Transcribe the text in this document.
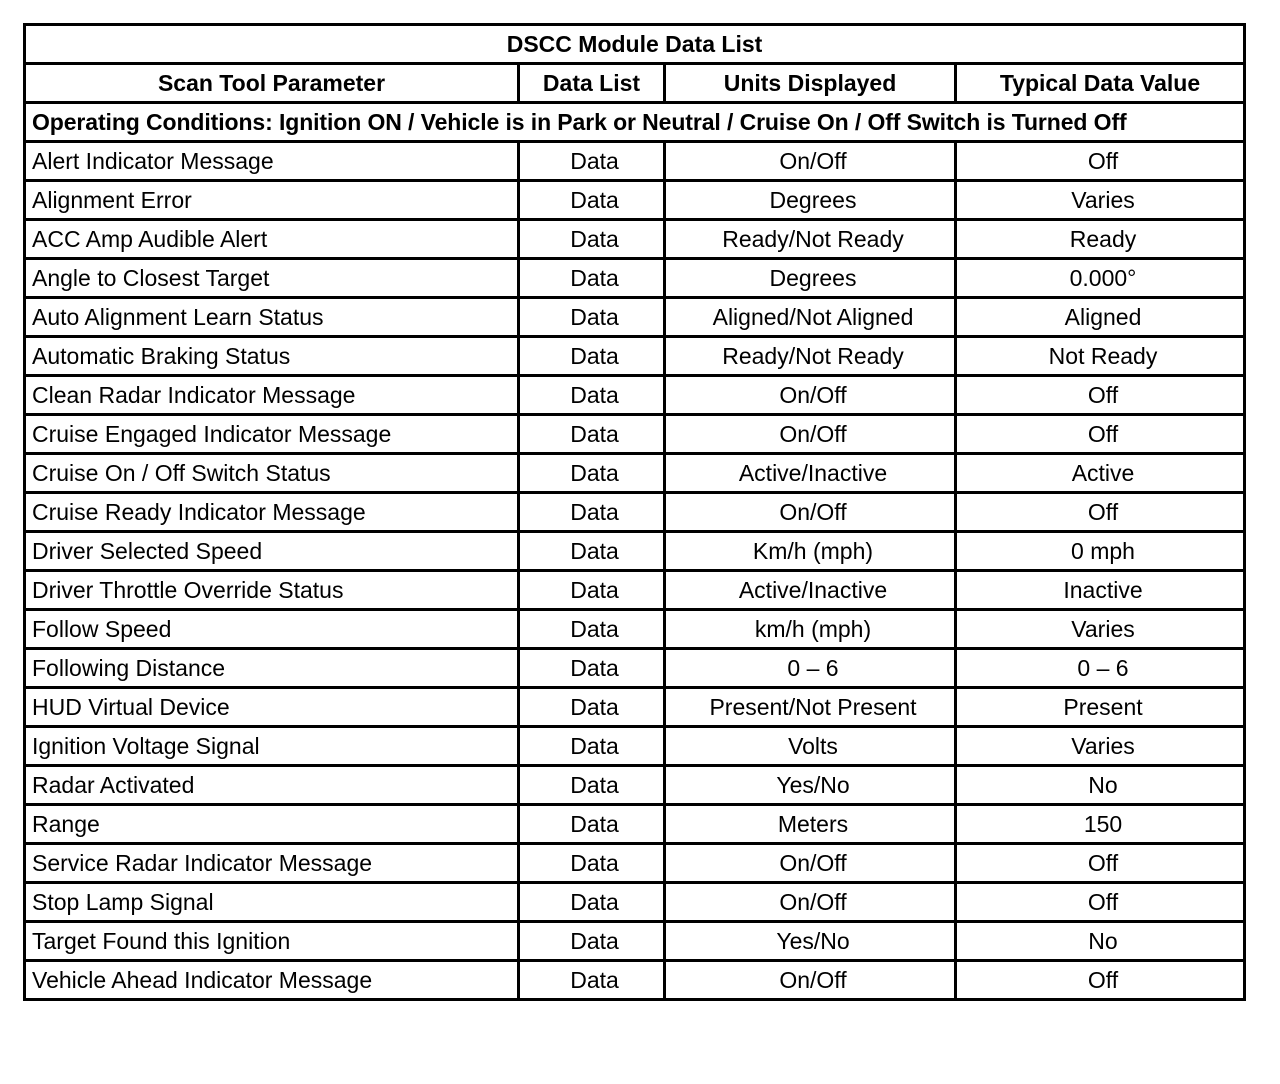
DSCC Module Data List			
Scan Tool Parameter	Data List	Units Displayed	Typical Data Value
Operating Conditions: Ignition ON / Vehicle is in Park or Neutral / Cruise On / Off Switch is Turned Off			
Alert Indicator Message	Data	On/Off	Off
Alignment Error	Data	Degrees	Varies
ACC Amp Audible Alert	Data	Ready/Not Ready	Ready
Angle to Closest Target	Data	Degrees	0.000°
Auto Alignment Learn Status	Data	Aligned/Not Aligned	Aligned
Automatic Braking Status	Data	Ready/Not Ready	Not Ready
Clean Radar Indicator Message	Data	On/Off	Off
Cruise Engaged Indicator Message	Data	On/Off	Off
Cruise On / Off Switch Status	Data	Active/Inactive	Active
Cruise Ready Indicator Message	Data	On/Off	Off
Driver Selected Speed	Data	Km/h (mph)	0 mph
Driver Throttle Override Status	Data	Active/Inactive	Inactive
Follow Speed	Data	km/h (mph)	Varies
Following Distance	Data	0 – 6	0 – 6
HUD Virtual Device	Data	Present/Not Present	Present
Ignition Voltage Signal	Data	Volts	Varies
Radar Activated	Data	Yes/No	No
Range	Data	Meters	150
Service Radar Indicator Message	Data	On/Off	Off
Stop Lamp Signal	Data	On/Off	Off
Target Found this Ignition	Data	Yes/No	No
Vehicle Ahead Indicator Message	Data	On/Off	Off
